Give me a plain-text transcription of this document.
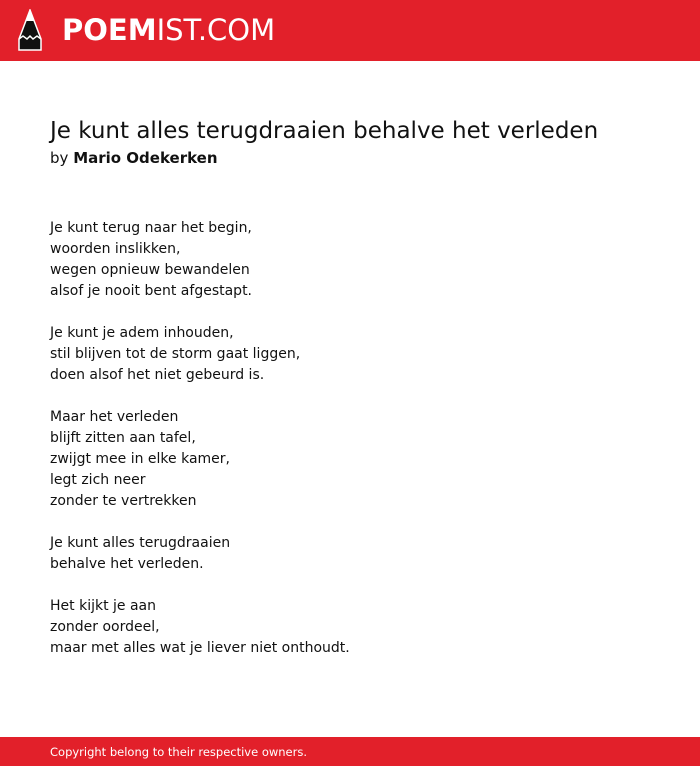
POEMIST.COM
Je kunt alles terugdraaien behalve het verleden
by Mario Odekerken
Je kunt terug naar het begin,
woorden inslikken,
wegen opnieuw bewandelen
alsof je nooit bent afgestapt.
Je kunt je adem inhouden,
stil blijven tot de storm gaat liggen,
doen alsof het niet gebeurd is.
Maar het verleden
blijft zitten aan tafel,
zwijgt mee in elke kamer,
legt zich neer
zonder te vertrekken
Je kunt alles terugdraaien
behalve het verleden.
Het kijkt je aan
zonder oordeel,
maar met alles wat je liever niet onthoudt.
Copyright belong to their respective owners.
